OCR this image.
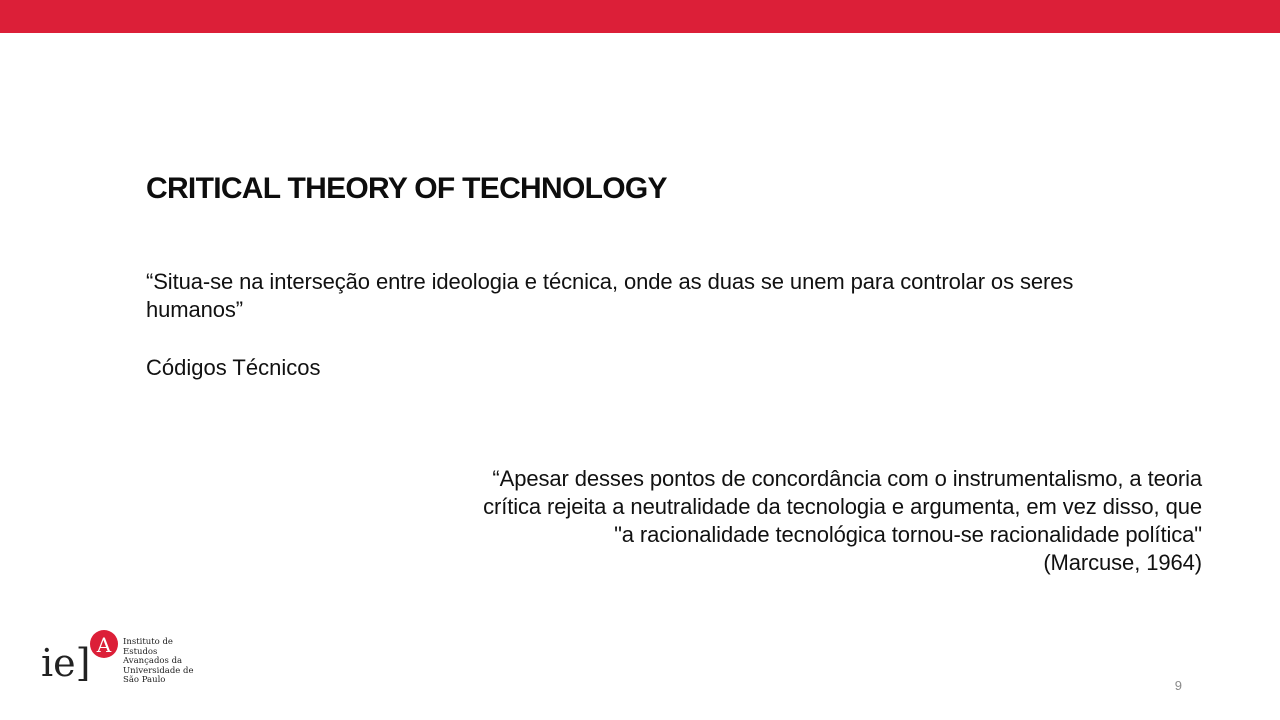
CRITICAL THEORY OF TECHNOLOGY

“Situa-se na interseção entre ideologia e técnica, onde as duas se unem para controlar os seres humanos”

Códigos Técnicos

“Apesar desses pontos de concordância com o instrumentalismo, a teoria
crítica rejeita a neutralidade da tecnologia e argumenta, em vez disso, que
"a racionalidade tecnológica tornou-se racionalidade política"
(Marcuse, 1964)
ie] A Instituto de
Estudos
Avançados da
Universidade de
São Paulo	9
